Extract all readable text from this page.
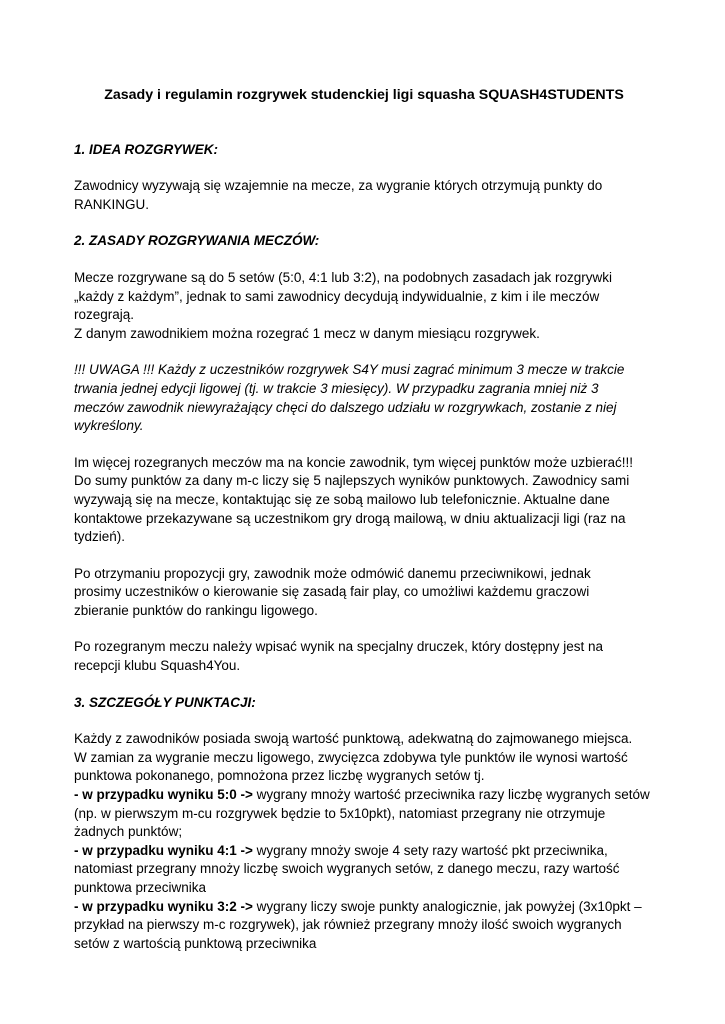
Zasady i regulamin rozgrywek studenckiej ligi squasha SQUASH4STUDENTS
1. IDEA ROZGRYWEK:

Zawodnicy wyzywają się wzajemnie na mecze, za wygranie których otrzymują punkty do
RANKINGU.

2. ZASADY ROZGRYWANIA MECZÓW:

Mecze rozgrywane są do 5 setów (5:0, 4:1 lub 3:2), na podobnych zasadach jak rozgrywki
„każdy z każdym”, jednak to sami zawodnicy decydują indywidualnie, z kim i ile meczów
rozegrają.
Z danym zawodnikiem można rozegrać 1 mecz w danym miesiącu rozgrywek.

!!! UWAGA !!! Każdy z uczestników rozgrywek S4Y musi zagrać minimum 3 mecze w trakcie
trwania jednej edycji ligowej (tj. w trakcie 3 miesięcy). W przypadku zagrania mniej niż 3
meczów zawodnik niewyrażający chęci do dalszego udziału w rozgrywkach, zostanie z niej
wykreślony.

Im więcej rozegranych meczów ma na koncie zawodnik, tym więcej punktów może uzbierać!!!
Do sumy punktów za dany m-c liczy się 5 najlepszych wyników punktowych. Zawodnicy sami
wyzywają się na mecze, kontaktując się ze sobą mailowo lub telefonicznie. Aktualne dane
kontaktowe przekazywane są uczestnikom gry drogą mailową, w dniu aktualizacji ligi (raz na
tydzień).

Po otrzymaniu propozycji gry, zawodnik może odmówić danemu przeciwnikowi, jednak
prosimy uczestników o kierowanie się zasadą fair play, co umożliwi każdemu graczowi
zbieranie punktów do rankingu ligowego.

Po rozegranym meczu należy wpisać wynik na specjalny druczek, który dostępny jest na
recepcji klubu Squash4You.

3. SZCZEGÓŁY PUNKTACJI:
Każdy z zawodników posiada swoją wartość punktową, adekwatną do zajmowanego miejsca.
W zamian za wygranie meczu ligowego, zwycięzca zdobywa tyle punktów ile wynosi wartość
punktowa pokonanego, pomnożona przez liczbę wygranych setów tj.
- w przypadku wyniku 5:0 -> wygrany mnoży wartość przeciwnika razy liczbę wygranych setów
(np. w pierwszym m-cu rozgrywek będzie to 5x10pkt), natomiast przegrany nie otrzymuje
żadnych punktów;
- w przypadku wyniku 4:1 -> wygrany mnoży swoje 4 sety razy wartość pkt przeciwnika,
natomiast przegrany mnoży liczbę swoich wygranych setów, z danego meczu, razy wartość
punktowa przeciwnika
- w przypadku wyniku 3:2 -> wygrany liczy swoje punkty analogicznie, jak powyżej (3x10pkt –
przykład na pierwszy m-c rozgrywek), jak również przegrany mnoży ilość swoich wygranych
setów z wartością punktową przeciwnika
